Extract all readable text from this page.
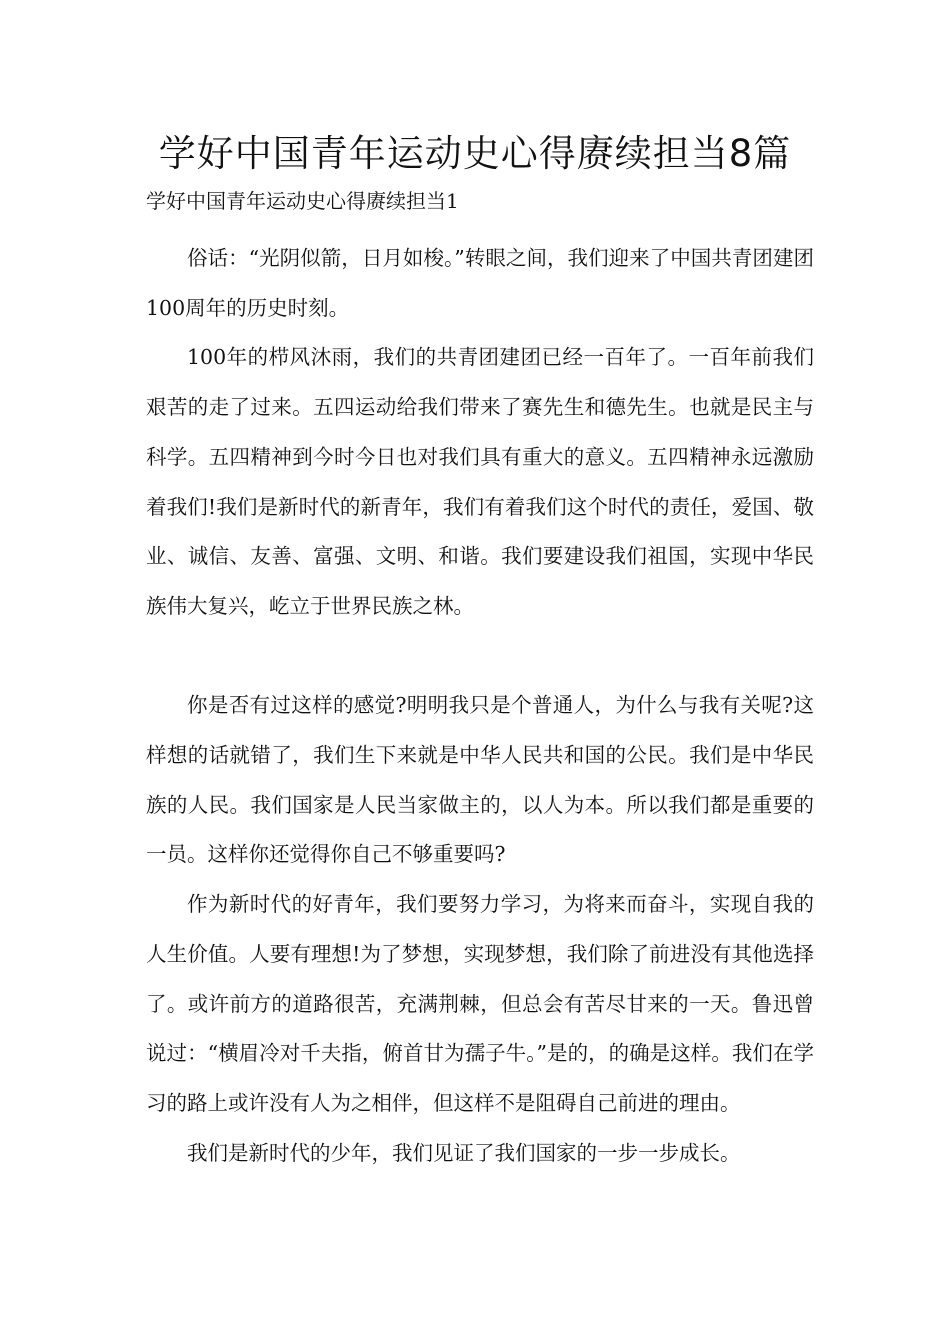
学好中国青年运动史心得赓续担当8篇

学好中国青年运动史心得赓续担当1

俗话：“光阴似箭，日月如梭。”转眼之间，我们迎来了中国共青团建团100周年的历史时刻。

100年的栉风沐雨，我们的共青团建团已经一百年了。一百年前我们艰苦的走了过来。五四运动给我们带来了赛先生和德先生。也就是民主与科学。五四精神到今时今日也对我们具有重大的意义。五四精神永远激励着我们!我们是新时代的新青年，我们有着我们这个时代的责任，爱国、敬业、诚信、友善、富强、文明、和谐。我们要建设我们祖国，实现中华民族伟大复兴，屹立于世界民族之林。

你是否有过这样的感觉?明明我只是个普通人，为什么与我有关呢?这样想的话就错了，我们生下来就是中华人民共和国的公民。我们是中华民族的人民。我们国家是人民当家做主的，以人为本。所以我们都是重要的一员。这样你还觉得你自己不够重要吗?

作为新时代的好青年，我们要努力学习，为将来而奋斗，实现自我的人生价值。人要有理想!为了梦想，实现梦想，我们除了前进没有其他选择了。或许前方的道路很苦，充满荆棘，但总会有苦尽甘来的一天。鲁迅曾说过：“横眉冷对千夫指，俯首甘为孺子牛。”是的，的确是这样。我们在学习的路上或许没有人为之相伴，但这样不是阻碍自己前进的理由。

我们是新时代的少年，我们见证了我们国家的一步一步成长。
